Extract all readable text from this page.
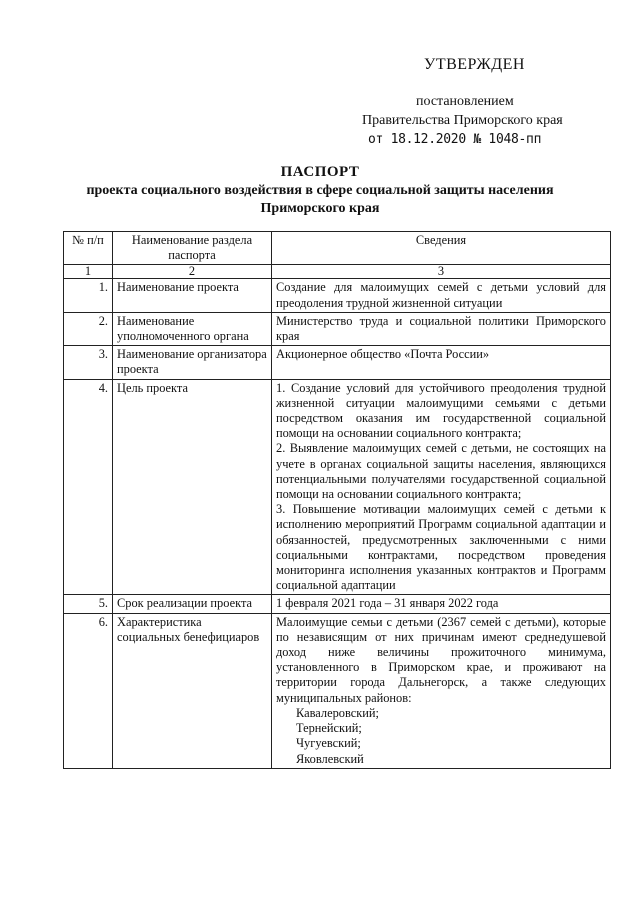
УТВЕРЖДЕН
постановлением
Правительства Приморского края
от 18.12.2020 № 1048-пп
ПАСПОРТ
проекта социального воздействия в сфере социальной защиты населения
Приморского края
№ п/п	Наименование раздела паспорта	Сведения
1	2	3
1.	Наименование проекта	Создание для малоимущих семей с детьми условий для преодоления трудной жизненной ситуации

2.	Наименование уполномоченного органа	Министерство труда и социальной политики Приморского края

3.	Наименование организатора проекта	Акционерное общество «Почта России»

4.	Цель проекта	1. Создание условий для устойчивого преодоления трудной жизненной ситуации малоимущими семьями с детьми посредством оказания им государственной социальной помощи на основании социального контракта;
2. Выявление малоимущих семей с детьми, не состоящих на учете в органах социальной защиты населения, являющихся потенциальными получателями государственной социальной помощи на основании социального контракта;
3. Повышение мотивации малоимущих семей с детьми к исполнению мероприятий Программ социальной адаптации и обязанностей, предусмотренных заключенными с ними социальными контрактами, посредством проведения мониторинга исполнения указанных контрактов и Программ социальной адаптации

5.	Срок реализации проекта	1 февраля 2021 года – 31 января 2022 года

6.	Характеристика социальных бенефициаров	Малоимущие семьи с детьми (2367 семей с детьми), которые по независящим от них причинам имеют среднедушевой доход ниже величины прожиточного минимума, установленного в Приморском крае, и проживают на территории города Дальнегорск, а также следующих муниципальных районов:
Кавалеровский;
Тернейский;
Чугуевский;
Яковлевский
